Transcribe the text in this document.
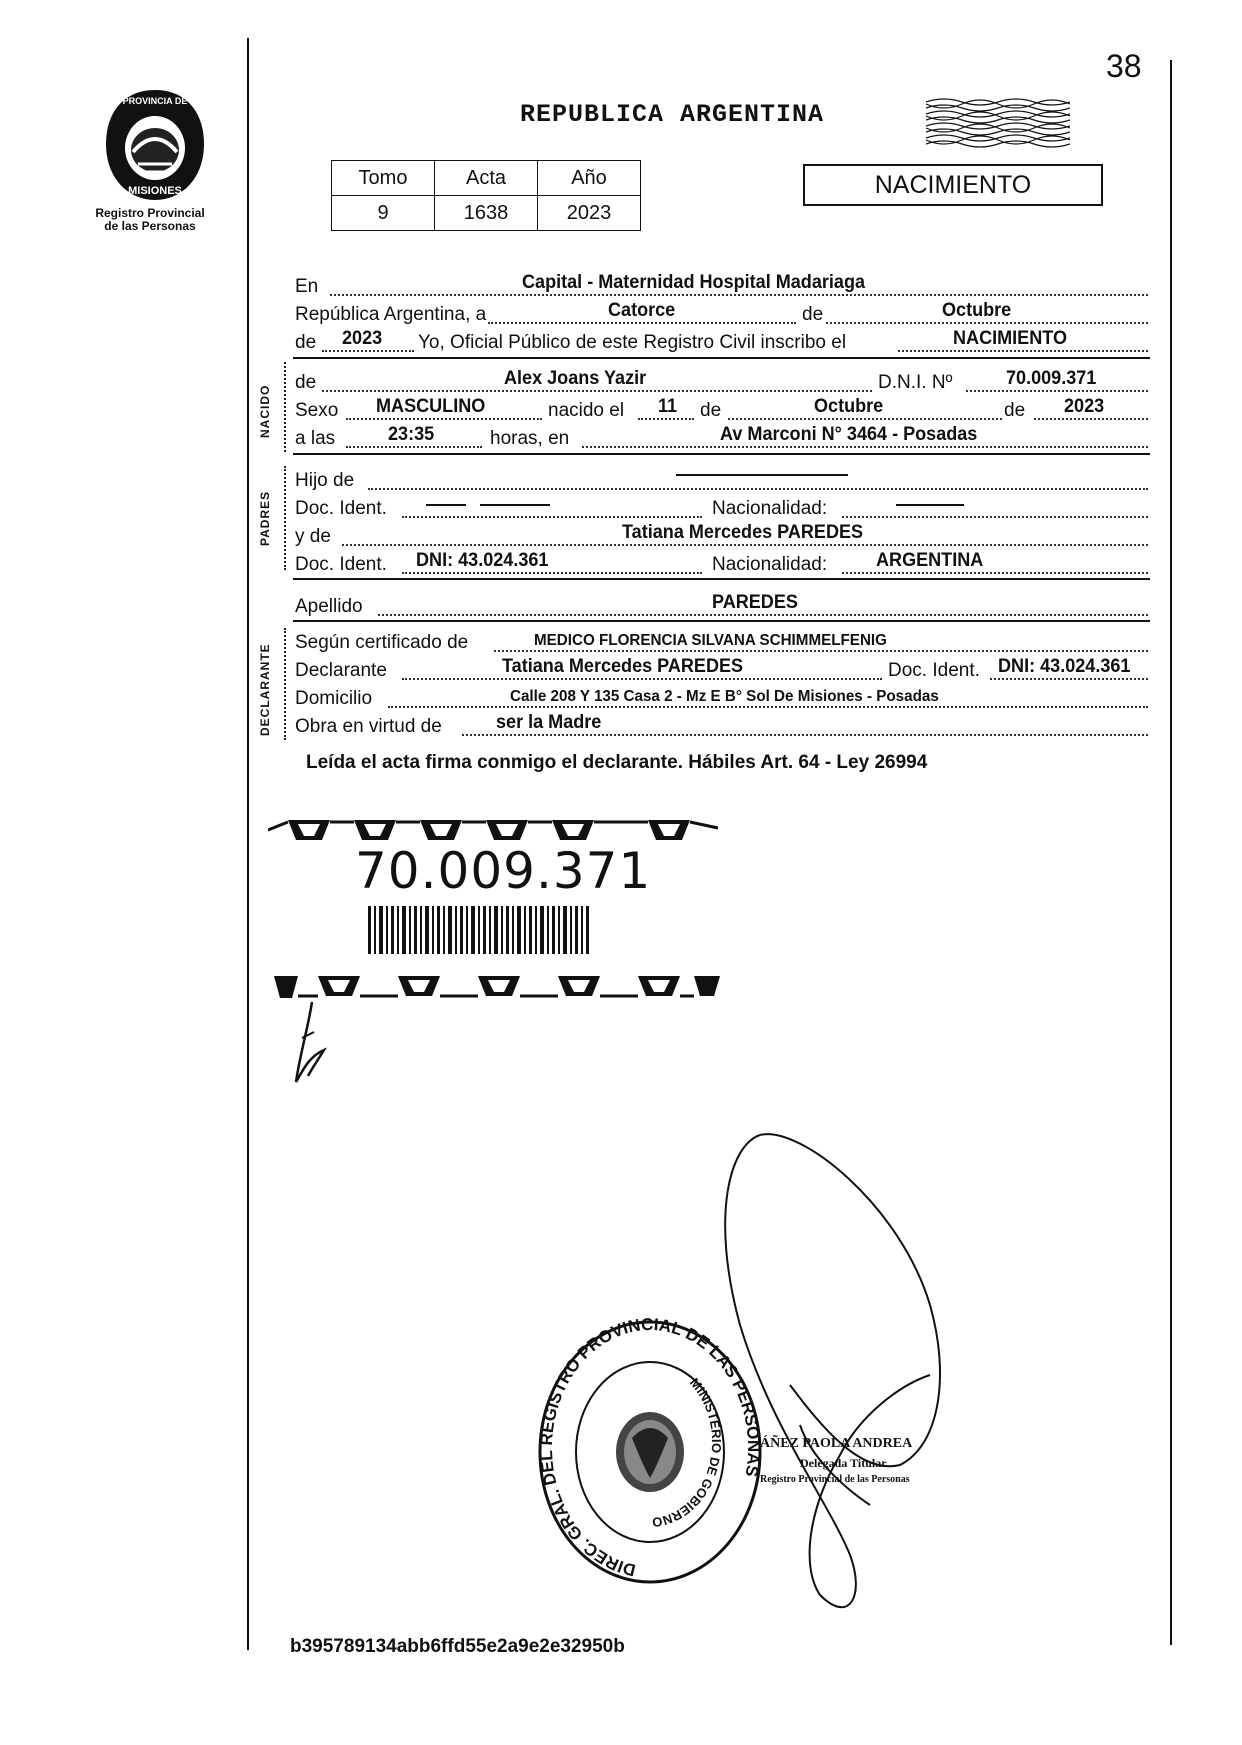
38
PROVINCIA DE
MISIONES
Registro Provincial
de las Personas
REPUBLICA ARGENTINA
Tomo	Acta	Año
9	1638	2023
NACIMIENTO
En	Capital - Maternidad Hospital Madariaga
República Argentina, a	Catorce	de	Octubre
de 2023 Yo, Oficial Público de este Registro Civil inscribo el	NACIMIENTO
NACIDO
de	Alex Joans Yazir	D.N.I. Nº	70.009.371
Sexo MASCULINO	nacido el 11 de	Octubre	de 2023
a las	23:35	horas, en	Av Marconi N° 3464 - Posadas
PADRES
Hijo de
Doc. Ident.	Nacionalidad:
y de	Tatiana Mercedes PAREDES
Doc. Ident. DNI: 43.024.361	Nacionalidad:	ARGENTINA
Apellido	PAREDES
DECLARANTE
Según certificado de	MEDICO FLORENCIA SILVANA SCHIMMELFENIG
Declarante	Tatiana Mercedes PAREDES	Doc. Ident. DNI: 43.024.361
Domicilio	Calle 208 Y 135 Casa 2 - Mz E B° Sol De Misiones - Posadas
Obra en virtud de	ser la Madre
Leída el acta firma conmigo el declarante. Hábiles Art. 64 - Ley 26994
70.009.371
DIREC. GRAL. DEL REGISTRO PROVINCIAL DE LAS PERSONAS
MINISTERIO DE GOBIERNO
ÁÑEZ PAOLA ANDREA
Delegada Titular
Registro Provincial de las Personas
b395789134abb6ffd55e2a9e2e32950b
